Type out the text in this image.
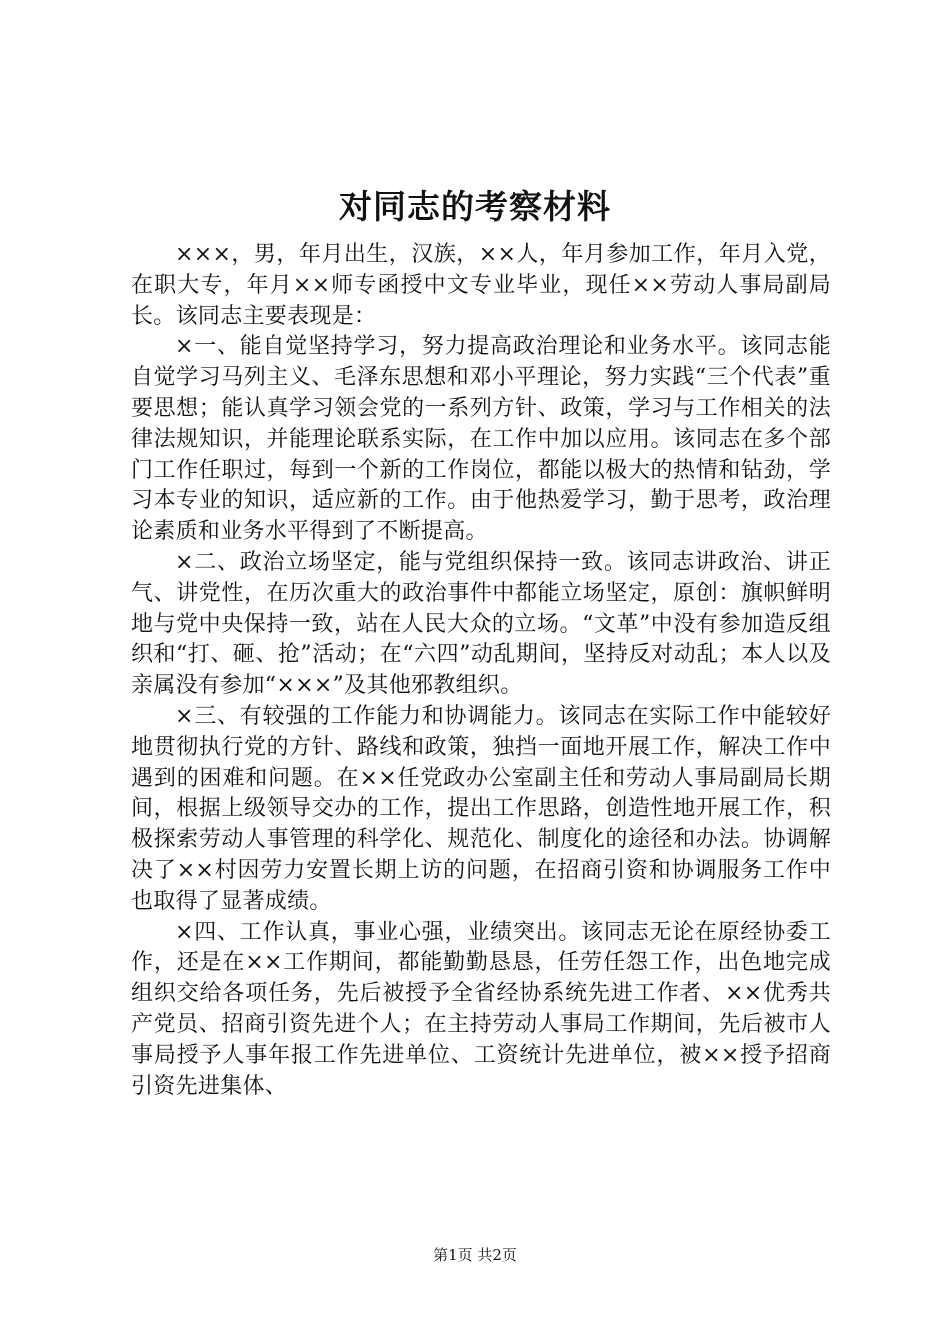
对同志的考察材料

×××，男，年月出生，汉族，××人，年月参加工作，年月入党，在职大专，年月××师专函授中文专业毕业，现任××劳动人事局副局长。该同志主要表现是：

×一、能自觉坚持学习，努力提高政治理论和业务水平。该同志能自觉学习马列主义、毛泽东思想和邓小平理论，努力实践“三个代表”重要思想；能认真学习领会党的一系列方针、政策，学习与工作相关的法律法规知识，并能理论联系实际，在工作中加以应用。该同志在多个部门工作任职过，每到一个新的工作岗位，都能以极大的热情和钻劲，学习本专业的知识，适应新的工作。由于他热爱学习，勤于思考，政治理论素质和业务水平得到了不断提高。

×二、政治立场坚定，能与党组织保持一致。该同志讲政治、讲正气、讲党性，在历次重大的政治事件中都能立场坚定，原创：旗帜鲜明地与党中央保持一致，站在人民大众的立场。“文革”中没有参加造反组织和“打、砸、抢”活动；在“六四”动乱期间，坚持反对动乱；本人以及亲属没有参加“×××”及其他邪教组织。

×三、有较强的工作能力和协调能力。该同志在实际工作中能较好地贯彻执行党的方针、路线和政策，独挡一面地开展工作，解决工作中遇到的困难和问题。在××任党政办公室副主任和劳动人事局副局长期间，根据上级领导交办的工作，提出工作思路，创造性地开展工作，积极探索劳动人事管理的科学化、规范化、制度化的途径和办法。协调解决了××村因劳力安置长期上访的问题，在招商引资和协调服务工作中也取得了显著成绩。

×四、工作认真，事业心强，业绩突出。该同志无论在原经协委工作，还是在××工作期间，都能勤勤恳恳，任劳任怨工作，出色地完成组织交给各项任务，先后被授予全省经协系统先进工作者、××优秀共产党员、招商引资先进个人；在主持劳动人事局工作期间，先后被市人事局授予人事年报工作先进单位、工资统计先进单位，被××授予招商引资先进集体、

第1页 共2页
